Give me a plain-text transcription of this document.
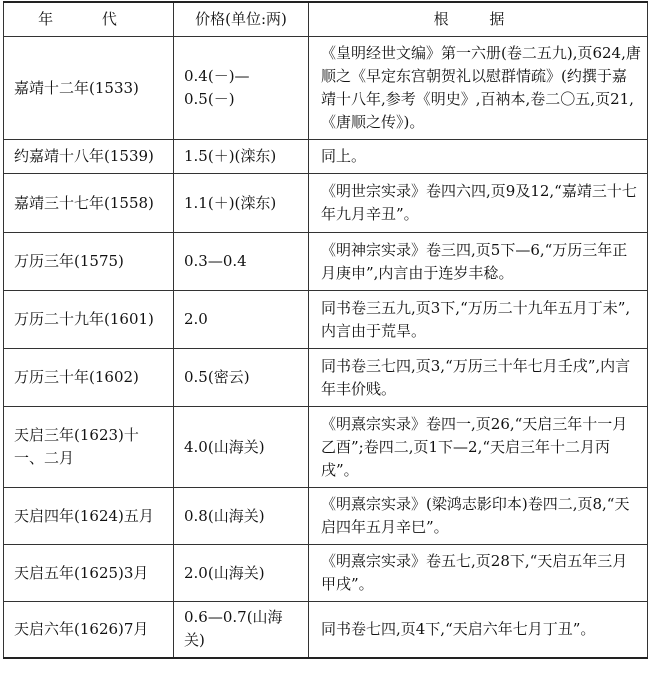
年 代	价格(单位:两)	根 据
嘉靖十二年(1533)	0.4(－)—0.5(－)	《皇明经世文编》第一六册(卷二五九),页624,唐顺之《早定东宫朝贺礼以慰群情疏》(约撰于嘉靖十八年,参考《明史》,百衲本,卷二〇五,页21,《唐顺之传》)。
约嘉靖十八年(1539)	1.5(＋)(滦东)	同上。
嘉靖三十七年(1558)	1.1(＋)(滦东)	《明世宗实录》卷四六四,页9及12,“嘉靖三十七年九月辛丑”。
万历三年(1575)	0.3—0.4	《明神宗实录》卷三四,页5下—6,“万历三年正月庚申”,内言由于连岁丰稔。
万历二十九年(1601)	2.0	同书卷三五九,页3下,“万历二十九年五月丁未”,内言由于荒旱。
万历三十年(1602)	0.5(密云)	同书卷三七四,页3,“万历三十年七月壬戌”,内言年丰价贱。
天启三年(1623)十一、二月	4.0(山海关)	《明熹宗实录》卷四一,页26,“天启三年十一月乙酉”;卷四二,页1下—2,“天启三年十二月丙戌”。
天启四年(1624)五月	0.8(山海关)	《明熹宗实录》(梁鸿志影印本)卷四二,页8,“天启四年五月辛巳”。
天启五年(1625)3月	2.0(山海关)	《明熹宗实录》卷五七,页28下,“天启五年三月甲戌”。
天启六年(1626)7月	0.6—0.7(山海关)	同书卷七四,页4下,“天启六年七月丁丑”。
